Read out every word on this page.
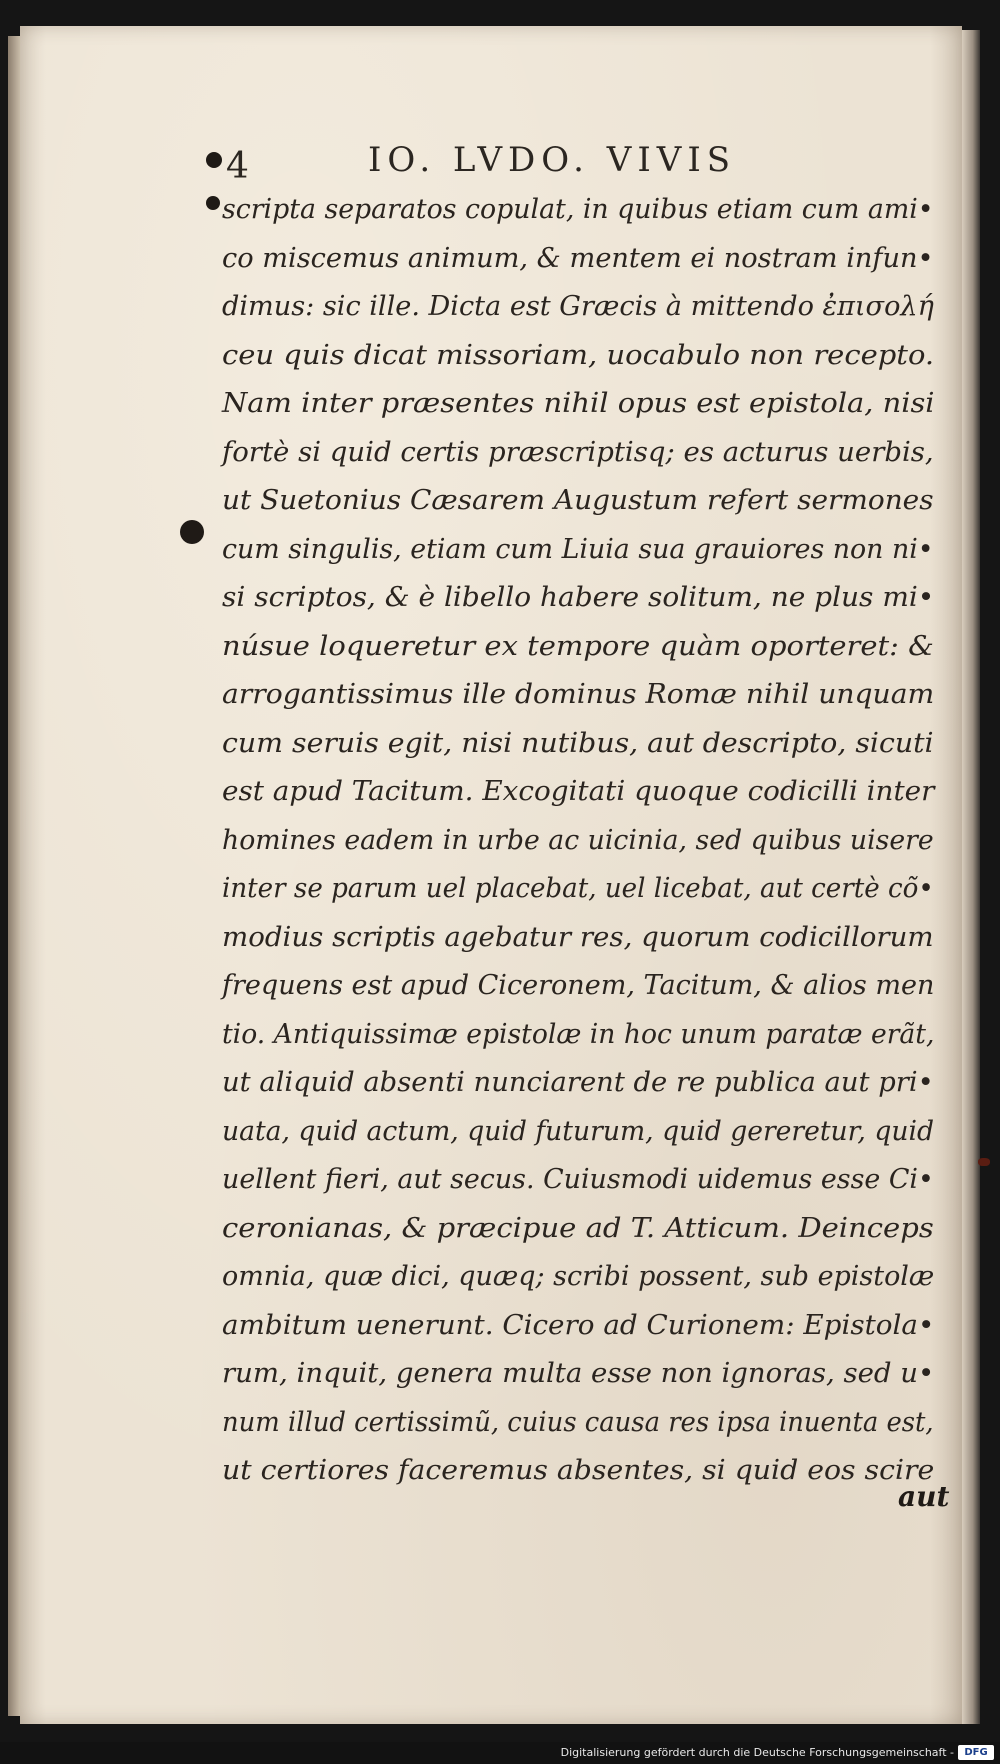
4	IO. LVDO. VIVIS
scripta separatos copulat, in quibus etiam cum ami•
co miscemus animum, & mentem ei nostram infun•
dimus: sic ille. Dicta est Græcis à mittendo ἐπισολή
ceu quis dicat missoriam, uocabulo non recepto.
Nam inter præsentes nihil opus est epistola, nisi
fortè si quid certis præscriptisq; es acturus uerbis,
ut Suetonius Cæsarem Augustum refert sermones
cum singulis, etiam cum Liuia sua grauiores non ni•
si scriptos, & è libello habere solitum, ne plus mi•
núsue loqueretur ex tempore quàm oporteret: &
arrogantissimus ille dominus Romæ nihil unquam
cum seruis egit, nisi nutibus, aut descripto, sicuti
est apud Tacitum. Excogitati quoque codicilli inter
homines eadem in urbe ac uicinia, sed quibus uisere
inter se parum uel placebat, uel licebat, aut certè cõ•
modius scriptis agebatur res, quorum codicillorum
frequens est apud Ciceronem, Tacitum, & alios men
tio. Antiquissimæ epistolæ in hoc unum paratæ erãt,
ut aliquid absenti nunciarent de re publica aut pri•
uata, quid actum, quid futurum, quid gereretur, quid
uellent fieri, aut secus. Cuiusmodi uidemus esse Ci•
ceronianas, & præcipue ad T. Atticum. Deinceps
omnia, quæ dici, quæq; scribi possent, sub epistolæ
ambitum uenerunt. Cicero ad Curionem: Epistola•
rum, inquit, genera multa esse non ignoras, sed u•
num illud certissimũ, cuius causa res ipsa inuenta est,
ut certiores faceremus absentes, si quid eos scire
aut
Digitalisierung gefördert durch die Deutsche Forschungsgemeinschaft -	DFG
